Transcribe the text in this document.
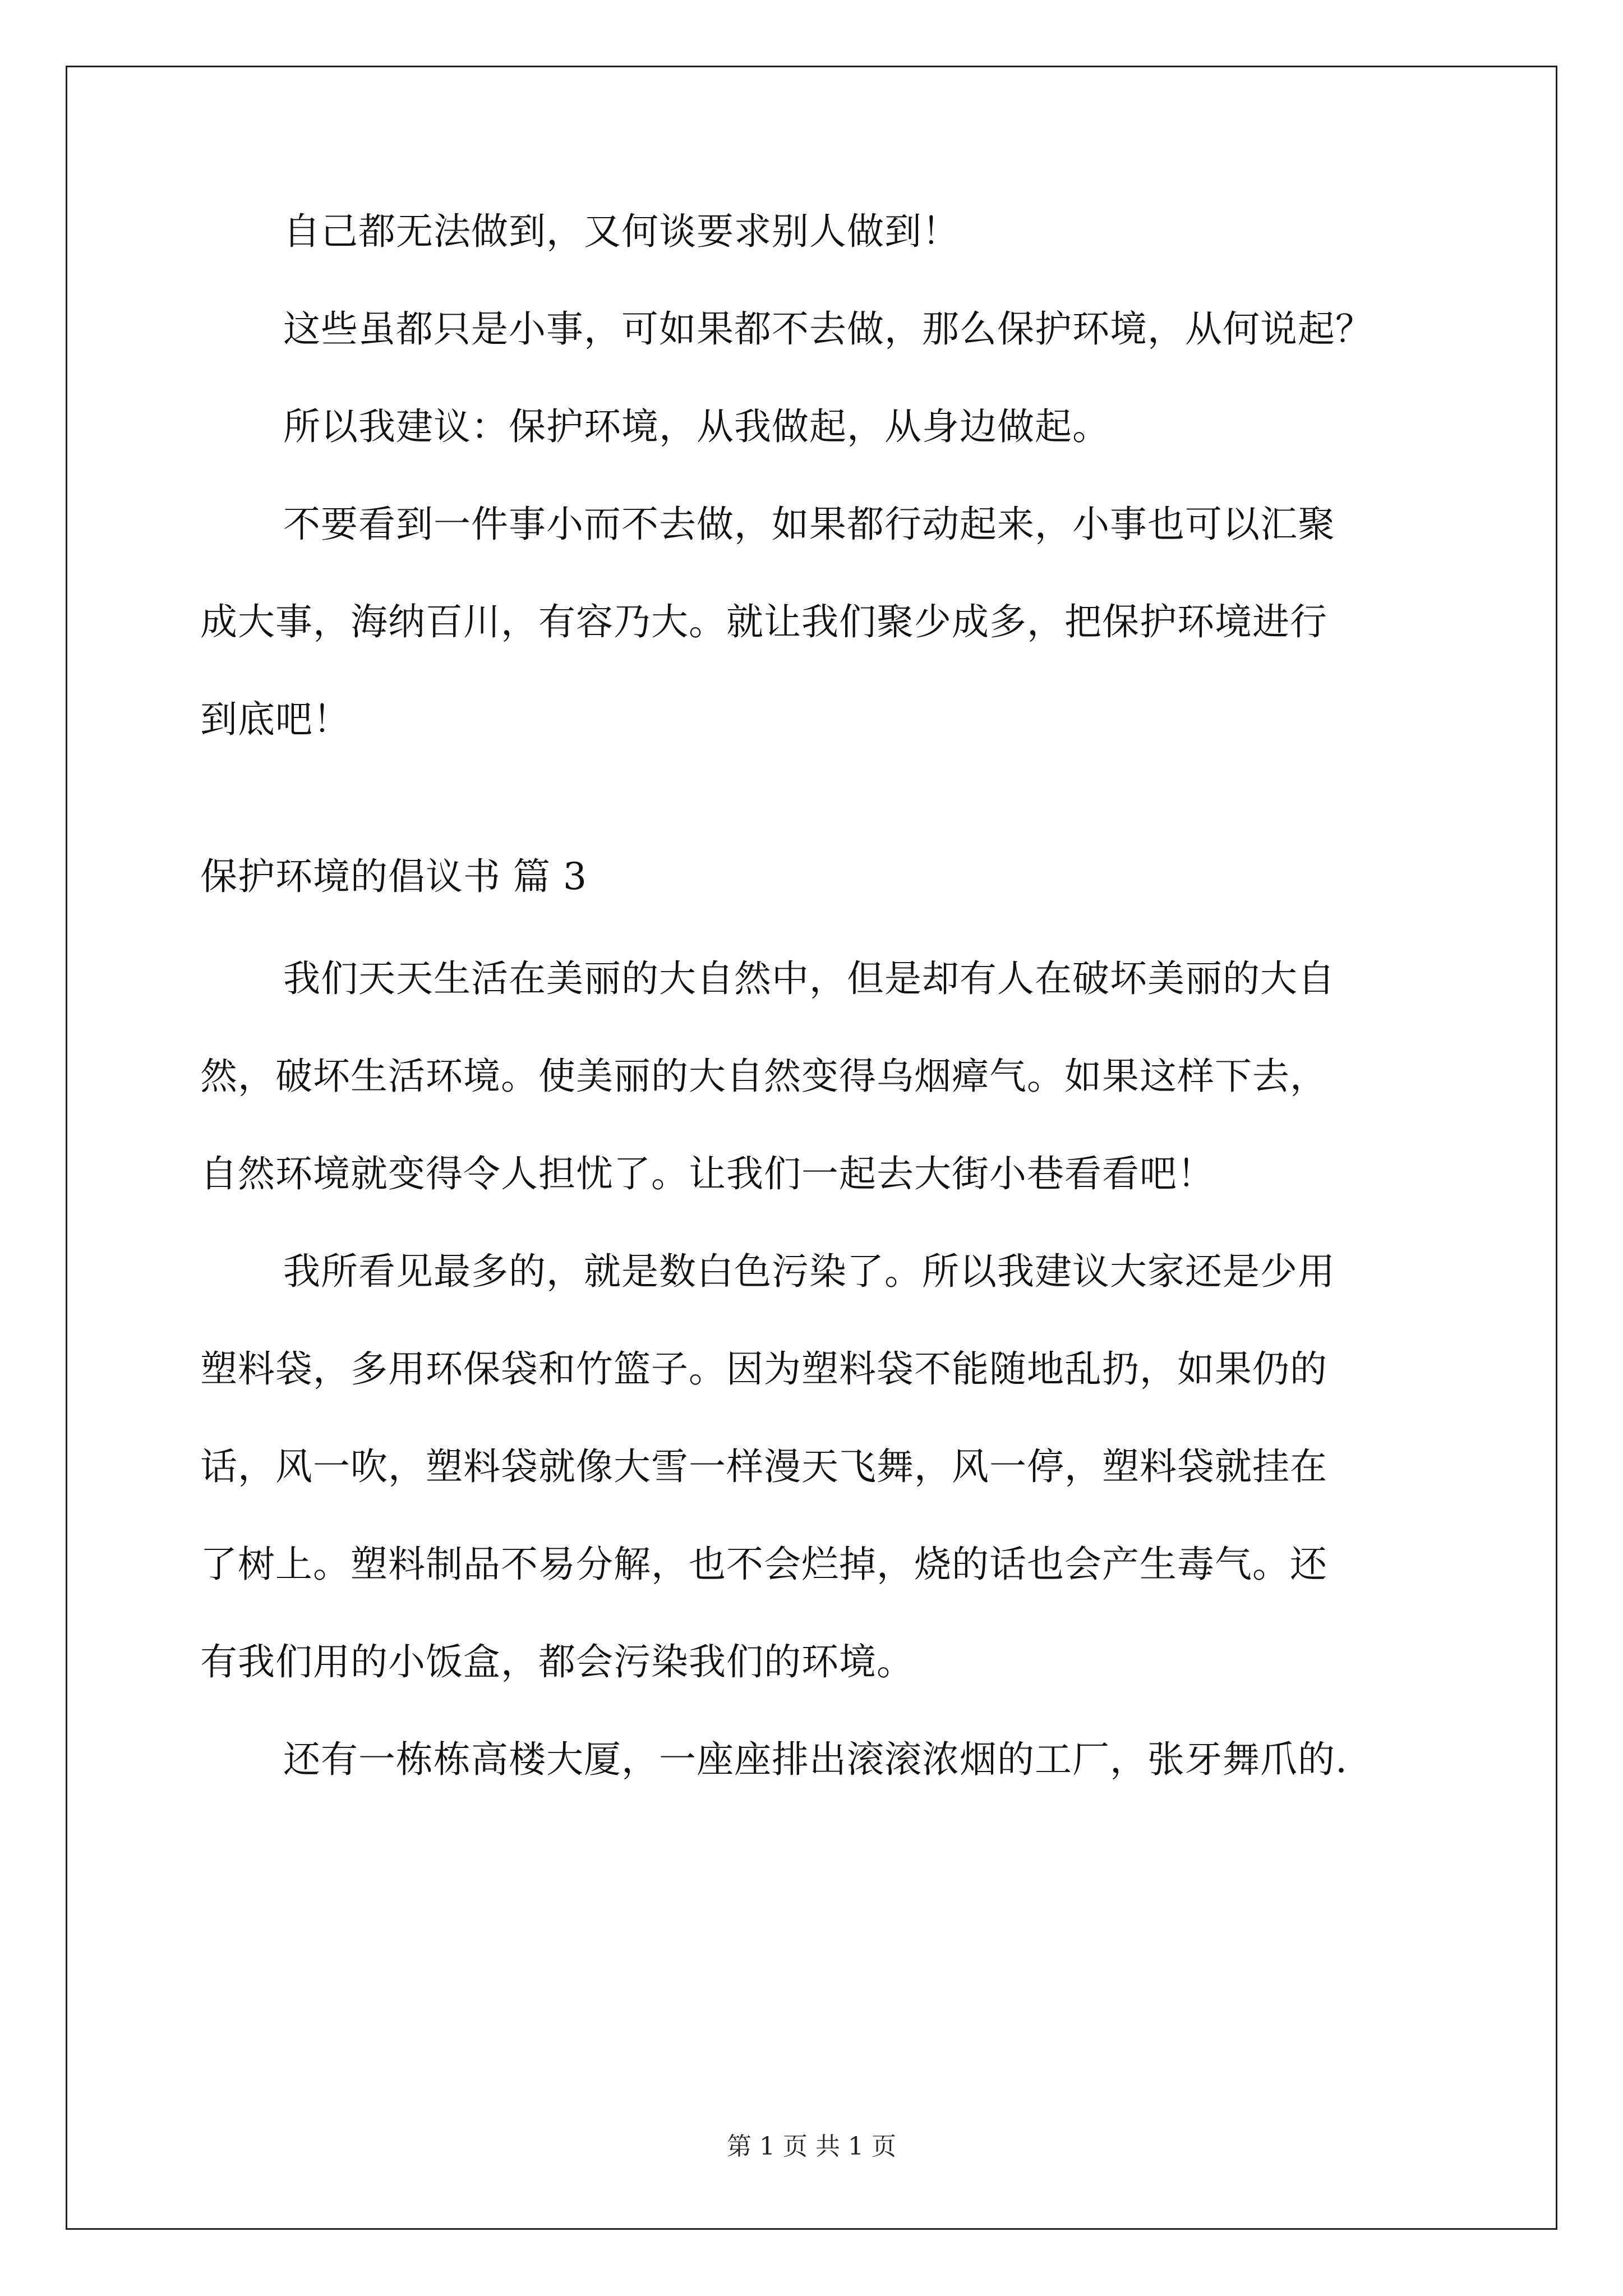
自己都无法做到，又何谈要求别人做到！
这些虽都只是小事，可如果都不去做，那么保护环境，从何说起？
所以我建议：保护环境，从我做起，从身边做起。
不要看到一件事小而不去做，如果都行动起来，小事也可以汇聚
成大事，海纳百川，有容乃大。就让我们聚少成多，把保护环境进行
到底吧！
保护环境的倡议书 篇 3
我们天天生活在美丽的大自然中，但是却有人在破坏美丽的大自
然，破坏生活环境。使美丽的大自然变得乌烟瘴气。如果这样下去，
自然环境就变得令人担忧了。让我们一起去大街小巷看看吧！
我所看见最多的，就是数白色污染了。所以我建议大家还是少用
塑料袋，多用环保袋和竹篮子。因为塑料袋不能随地乱扔，如果仍的
话，风一吹，塑料袋就像大雪一样漫天飞舞，风一停，塑料袋就挂在
了树上。塑料制品不易分解，也不会烂掉，烧的话也会产生毒气。还
有我们用的小饭盒，都会污染我们的环境。
还有一栋栋高楼大厦，一座座排出滚滚浓烟的工厂，张牙舞爪的.
第 1 页 共 1 页
